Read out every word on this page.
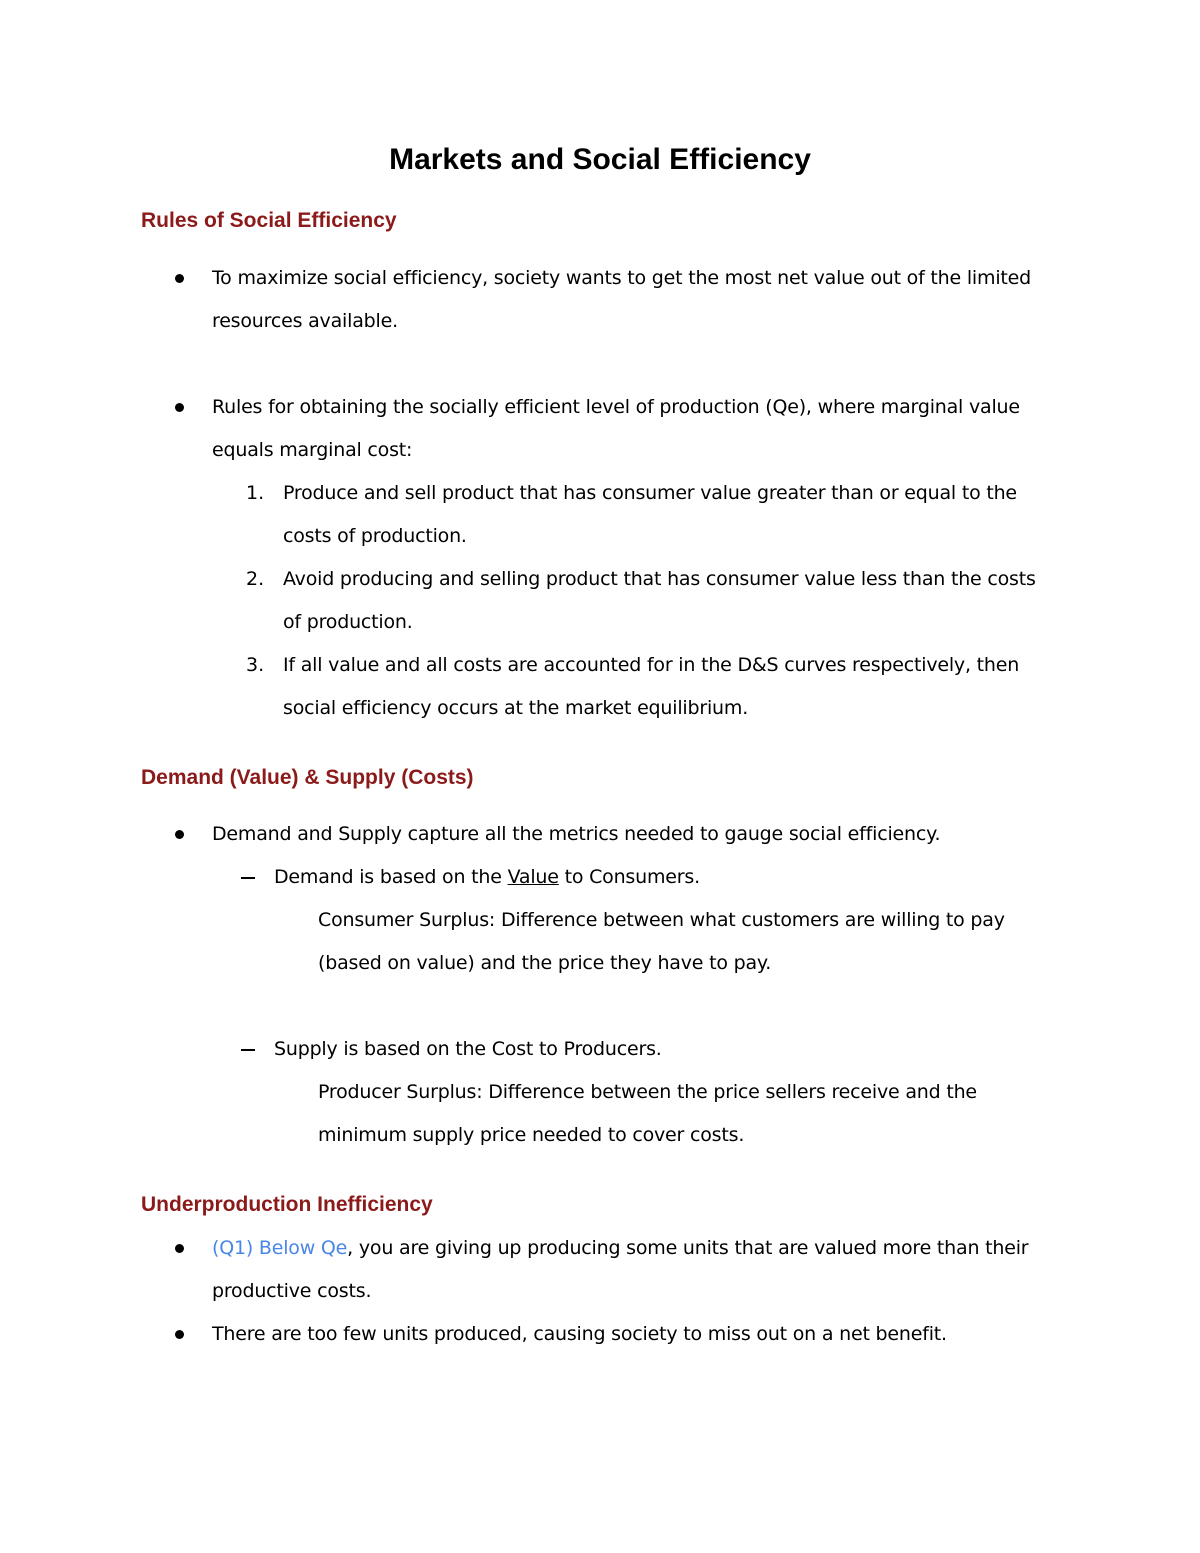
Markets and Social Efficiency
Rules of Social Efficiency
To maximize social efficiency, society wants to get the most net value out of the limited
resources available.
Rules for obtaining the socially efficient level of production (Qe), where marginal value
equals marginal cost:
1. Produce and sell product that has consumer value greater than or equal to the
costs of production.
2. Avoid producing and selling product that has consumer value less than the costs
of production.
3. If all value and all costs are accounted for in the D&S curves respectively, then
social efficiency occurs at the market equilibrium.
Demand (Value) & Supply (Costs)
Demand and Supply capture all the metrics needed to gauge social efficiency.
Demand is based on the Value to Consumers.
Consumer Surplus: Difference between what customers are willing to pay
(based on value) and the price they have to pay.
Supply is based on the Cost to Producers.
Producer Surplus: Difference between the price sellers receive and the
minimum supply price needed to cover costs.
Underproduction Inefficiency
(Q1) Below Qe, you are giving up producing some units that are valued more than their
productive costs.
There are too few units produced, causing society to miss out on a net benefit.
